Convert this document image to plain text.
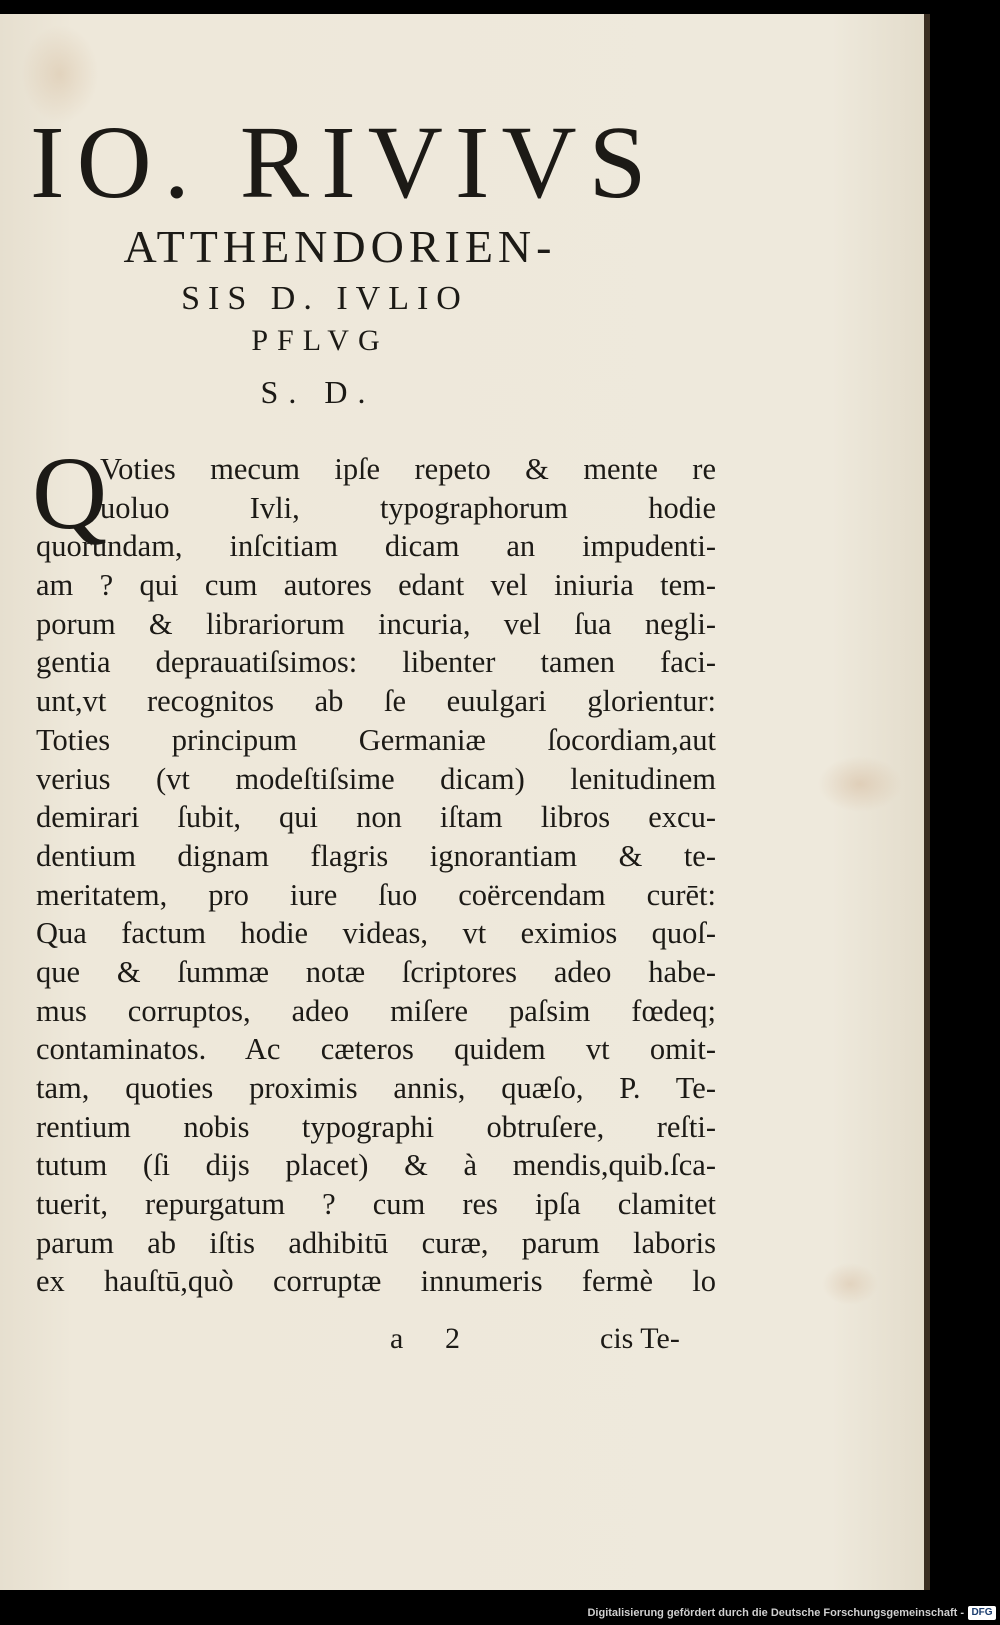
IO. RIVIVS
ATTHENDORIEN-
SIS D. IVLIO
PFLVG
S. D.
Q
Voties mecum ipſe repeto & mente re
uoluo Ivli, typographorum hodie
quorundam, inſcitiam dicam an impudenti-
am ? qui cum autores edant vel iniuria tem-
porum & librariorum incuria, vel ſua negli-
gentia deprauatiſsimos: libenter tamen faci-
unt,vt recognitos ab ſe euulgari glorientur:
Toties principum Germaniæ ſocordiam,aut
verius (vt modeſtiſsime dicam) lenitudinem
demirari ſubit, qui non iſtam libros excu-
dentium dignam flagris ignorantiam & te-
meritatem, pro iure ſuo coërcendam curēt:
Qua factum hodie videas, vt eximios quoſ-
que & ſummæ notæ ſcriptores adeo habe-
mus corruptos, adeo miſere paſsim fœdeq;
contaminatos. Ac cæteros quidem vt omit-
tam, quoties proximis annis, quæſo, P. Te-
rentium nobis typographi obtruſere, reſti-
tutum (ſi dijs placet) & à mendis,quib.ſca-
tuerit, repurgatum ? cum res ipſa clamitet
parum ab iſtis adhibitū curæ, parum laboris
ex hauſtū,quò corruptæ innumeris fermè lo
a 2	cis Te-
Digitalisierung gefördert durch die Deutsche Forschungsgemeinschaft - DFG
